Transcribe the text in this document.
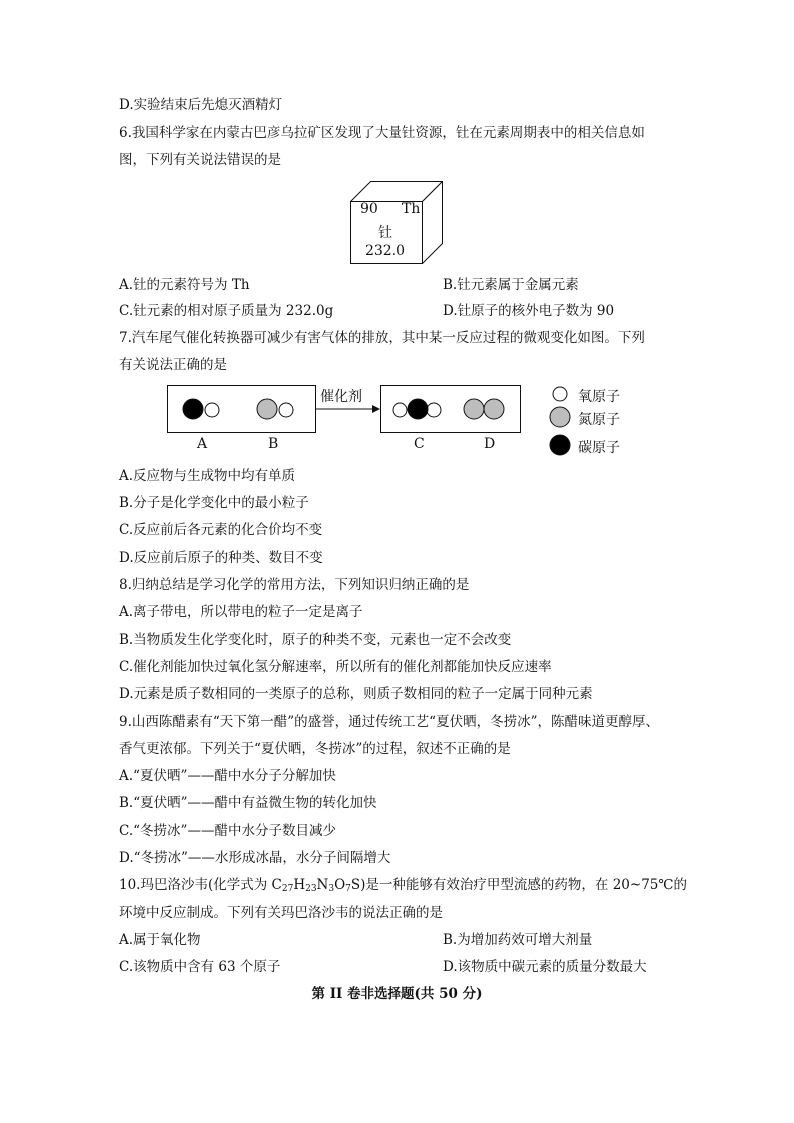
D.实验结束后先熄灭酒精灯
6.我国科学家在内蒙古巴彦乌拉矿区发现了大量钍资源，钍在元素周期表中的相关信息如
图，下列有关说法错误的是
90 Th
钍
232.0
A.钍的元素符号为 Th	B.钍元素属于金属元素
C.钍元素的相对原子质量为 232.0g	D.钍原子的核外电子数为 90
7.汽车尾气催化转换器可减少有害气体的排放，其中某一反应过程的微观变化如图。下列
有关说法正确的是
催化剂
A	B	C	D
氧原子
氮原子
碳原子
A.反应物与生成物中均有单质
B.分子是化学变化中的最小粒子
C.反应前后各元素的化合价均不变
D.反应前后原子的种类、数目不变
8.归纳总结是学习化学的常用方法，下列知识归纳正确的是
A.离子带电，所以带电的粒子一定是离子
B.当物质发生化学变化时，原子的种类不变，元素也一定不会改变
C.催化剂能加快过氧化氢分解速率，所以所有的催化剂都能加快反应速率
D.元素是质子数相同的一类原子的总称，则质子数相同的粒子一定属于同种元素
9.山西陈醋素有“天下第一醋”的盛誉，通过传统工艺“夏伏晒，冬捞冰”，陈醋味道更醇厚、
香气更浓郁。下列关于“夏伏晒，冬捞冰”的过程，叙述不正确的是
A.“夏伏晒”——醋中水分子分解加快
B.“夏伏晒”——醋中有益微生物的转化加快
C.“冬捞冰”——醋中水分子数目减少
D.“冬捞冰”——水形成冰晶，水分子间隔增大
10.玛巴洛沙韦(化学式为 $C_{27}H_{23}N_3O_7S$)是一种能够有效治疗甲型流感的药物，在 20~75℃的
环境中反应制成。下列有关玛巴洛沙韦的说法正确的是
A.属于氧化物	B.为增加药效可增大剂量
C.该物质中含有 63 个原子	D.该物质中碳元素的质量分数最大
第 II 卷非选择题(共 50 分)
